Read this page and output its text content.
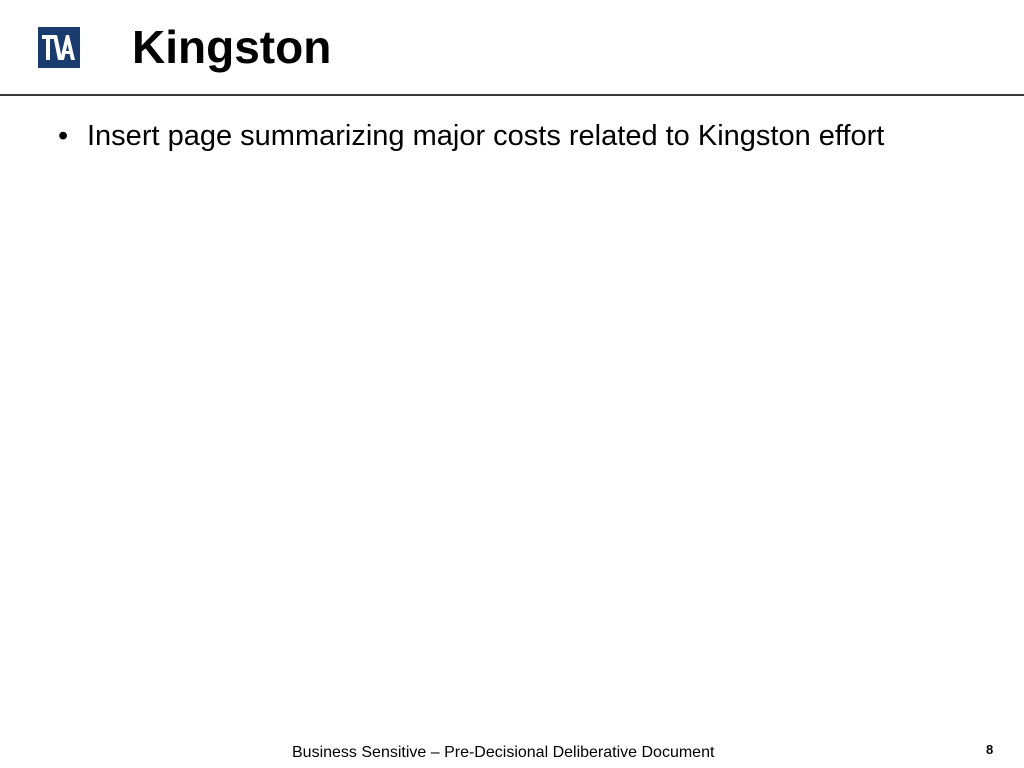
Kingston
• Insert page summarizing major costs related to Kingston effort
Business Sensitive – Pre-Decisional Deliberative Document	8
